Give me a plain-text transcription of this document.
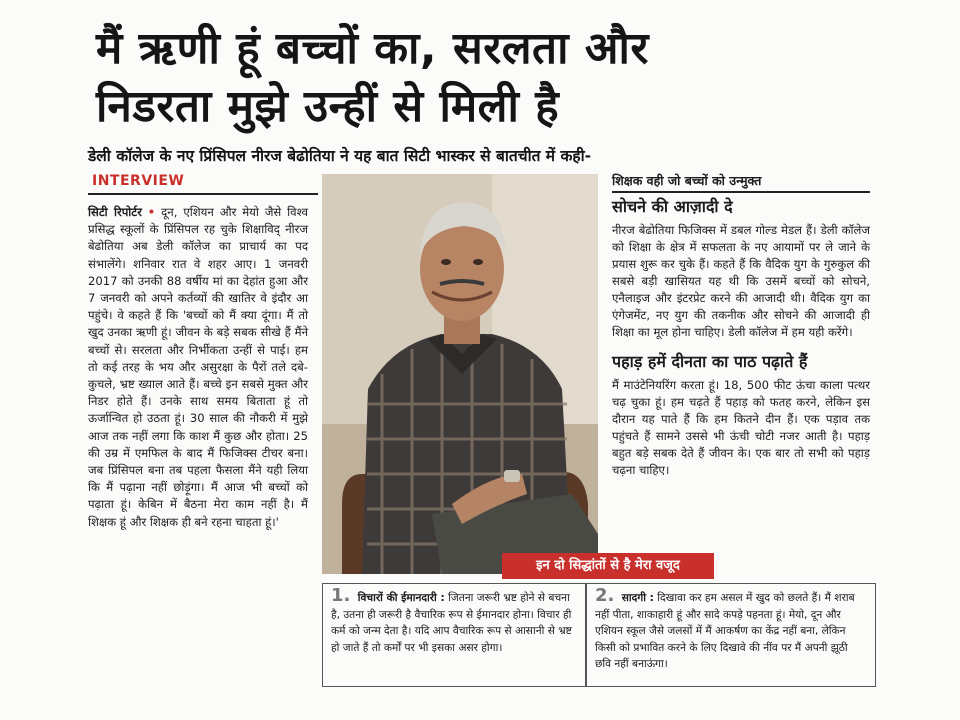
मैं ऋणी हूं बच्चों का, सरलता और
निडरता मुझे उन्हीं से मिली है
डेली कॉलेज के नए प्रिंसिपल नीरज बेढोतिया ने यह बात सिटी भास्कर से बातचीत में कही-
INTERVIEW
सिटी रिपोर्टर • दून, एशियन और मेयो जैसे विश्व प्रसिद्ध स्कूलों के प्रिंसिपल रह चुके शिक्षाविद् नीरज बेढोतिया अब डेली कॉलेज का प्राचार्य का पद संभालेंगे। शनिवार रात वे शहर आए। 1 जनवरी 2017 को उनकी 88 वर्षीय मां का देहांत हुआ और 7 जनवरी को अपने कर्तव्यों की खातिर वे इंदौर आ पहुंचे। वे कहते हैं कि 'बच्चों को मैं क्या दूंगा। मैं तो खुद उनका ऋणी हूं। जीवन के बड़े सबक सीखे हैं मैंने बच्चों से। सरलता और निर्भीकता उन्हीं से पाई। हम तो कई तरह के भय और असुरक्षा के पैरों तले दबे-कुचले, भ्रष्ट ख्याल आते हैं। बच्चे इन सबसे मुक्त और निडर होते हैं। उनके साथ समय बिताता हूं तो ऊर्जान्वित हो उठता हूं। 30 साल की नौकरी में मुझे आज तक नहीं लगा कि काश मैं कुछ और होता। 25 की उम्र में एमफिल के बाद मैं फिजिक्स टीचर बना। जब प्रिंसिपल बना तब पहला फैसला मैंने यही लिया कि मैं पढ़ाना नहीं छोड़ूंगा। मैं आज भी बच्चों को पढ़ाता हूं। केबिन में बैठना मेरा काम नहीं है। मैं शिक्षक हूं और शिक्षक ही बने रहना चाहता हूं।'
शिक्षक वही जो बच्चों को उन्मुक्त
सोचने की आज़ादी दे

नीरज बेढोतिया फिजिक्स में डबल गोल्ड मेडल हैं। डेली कॉलेज को शिक्षा के क्षेत्र में सफलता के नए आयामों पर ले जाने के प्रयास शुरू कर चुके हैं। कहते हैं कि वैदिक युग के गुरुकुल की सबसे बड़ी खासियत यह थी कि उसमें बच्चों को सोचने, एनैलाइज और इंटरप्रेट करने की आजादी थी। वैदिक युग का एंगेजमेंट, नए युग की तकनीक और सोचने की आजादी ही शिक्षा का मूल होना चाहिए। डेली कॉलेज में हम यही करेंगे।

पहाड़ हमें दीनता का पाठ पढ़ाते हैं

मैं माउंटेनियरिंग करता हूं। 18, 500 फीट ऊंचा काला पत्थर चढ़ चुका हूं। हम चढ़ते हैं पहाड़ को फतह करने, लेकिन इस दौरान यह पाते हैं कि हम कितने दीन हैं। एक पड़ाव तक पहुंचते हैं सामने उससे भी ऊंची चोटी नजर आती है। पहाड़ बहुत बड़े सबक देते हैं जीवन के। एक बार तो सभी को पहाड़ चढ़ना चाहिए।

इन दो सिद्धांतों से है मेरा वजूद
1. विचारों की ईमानदारी : जितना जरूरी भ्रष्ट होने से बचना है, उतना ही जरूरी है वैचारिक रूप से ईमानदार होना। विचार ही कर्म को जन्म देता है। यदि आप वैचारिक रूप से आसानी से भ्रष्ट हो जाते हैं तो कर्मों पर भी इसका असर होगा।
2. सादगी : दिखावा कर हम असल में खुद को छलते हैं। मैं शराब नहीं पीता, शाकाहारी हूं और सादे कपड़े पहनता हूं। मेयो, दून और एशियन स्कूल जैसे जलसों में मैं आकर्षण का केंद्र नहीं बना, लेकिन किसी को प्रभावित करने के लिए दिखावे की नींव पर मैं अपनी झूठी छवि नहीं बनाऊंगा।
